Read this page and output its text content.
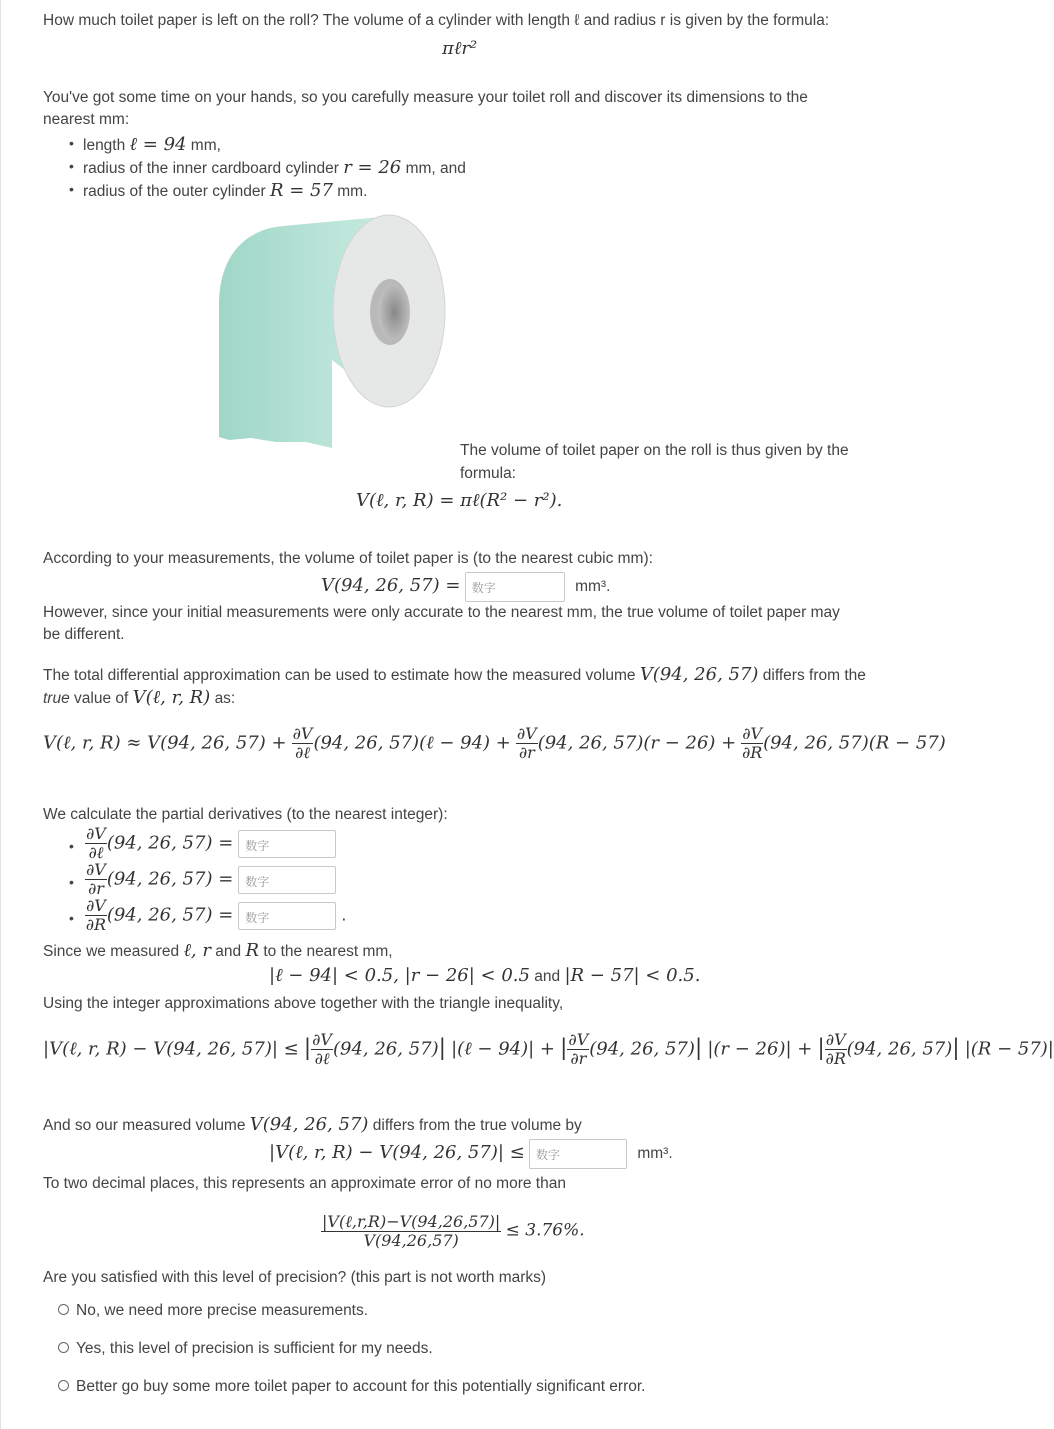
How much toilet paper is left on the roll? The volume of a cylinder with length ℓ and radius r is given by the formula:
πℓr²
You've got some time on your hands, so you carefully measure your toilet roll and discover its dimensions to the
nearest mm:
• length ℓ = 94 mm,
• radius of the inner cardboard cylinder r = 26 mm, and
• radius of the outer cylinder R = 57 mm.
The volume of toilet paper on the roll is thus given by the
formula:
V(ℓ, r, R) = πℓ(R² − r²).
According to your measurements, the volume of toilet paper is (to the nearest cubic mm):
V(94, 26, 57) = 数字	mm³.
However, since your initial measurements were only accurate to the nearest mm, the true volume of toilet paper may
be different.
The total differential approximation can be used to estimate how the measured volume V(94, 26, 57) differs from the
true value of V(ℓ, r, R) as:
V(ℓ, r, R) ≈ V(94, 26, $57) + \frac{\partial V}{\text{∂ℓ}} (94$, 26, 57)(ℓ − $94) + \frac{\partial V}{\partial r} (94$, 26, $57)(r - 26) + \frac{\partial V}{\partial R} (94$, 26, 57)(R − 57)
We calculate the partial derivatives (to the nearest integer):
• $\frac{\partial V}{\text{∂ℓ}} (94$, 26, 57) = 数字
• $\frac{\partial V}{\partial r} (94$, 26, 57) = 数字
• $\frac{\partial V}{\partial R} (94$, 26, 57) = 数字	.
Since we measured ℓ, r and R to the nearest mm,
|ℓ − 94| < 0.5, |r − 26| < 0.5 and |R − 57| < 0.5.
Using the integer approximations above together with the triangle inequality,
|V(ℓ, r, R) − V(94, 26, 57)| ≤ | $\frac{\partial V}{\text{∂ℓ}} (94$, 26, 57)| |(ℓ − 94)| + | $\frac{\partial V}{\partial r} (94$, 26, 57)| |(r − 26)| + | $\frac{\partial V}{\partial R} (94$, 26, 57)| |(R − 57)|
And so our measured volume V(94, 26, 57) differs from the true volume by
|V(ℓ, r, R) − V(94, 26, 57)| ≤ 数字	mm³.
To two decimal places, this represents an approximate error of no more than
$\frac{\text{|V(ℓ,r,R)−V(94,26,57)|}}{V(94,26,57)} \le 3.76\%$.
Are you satisfied with this level of precision? (this part is not worth marks)
No, we need more precise measurements.
Yes, this level of precision is sufficient for my needs.
Better go buy some more toilet paper to account for this potentially significant error.
